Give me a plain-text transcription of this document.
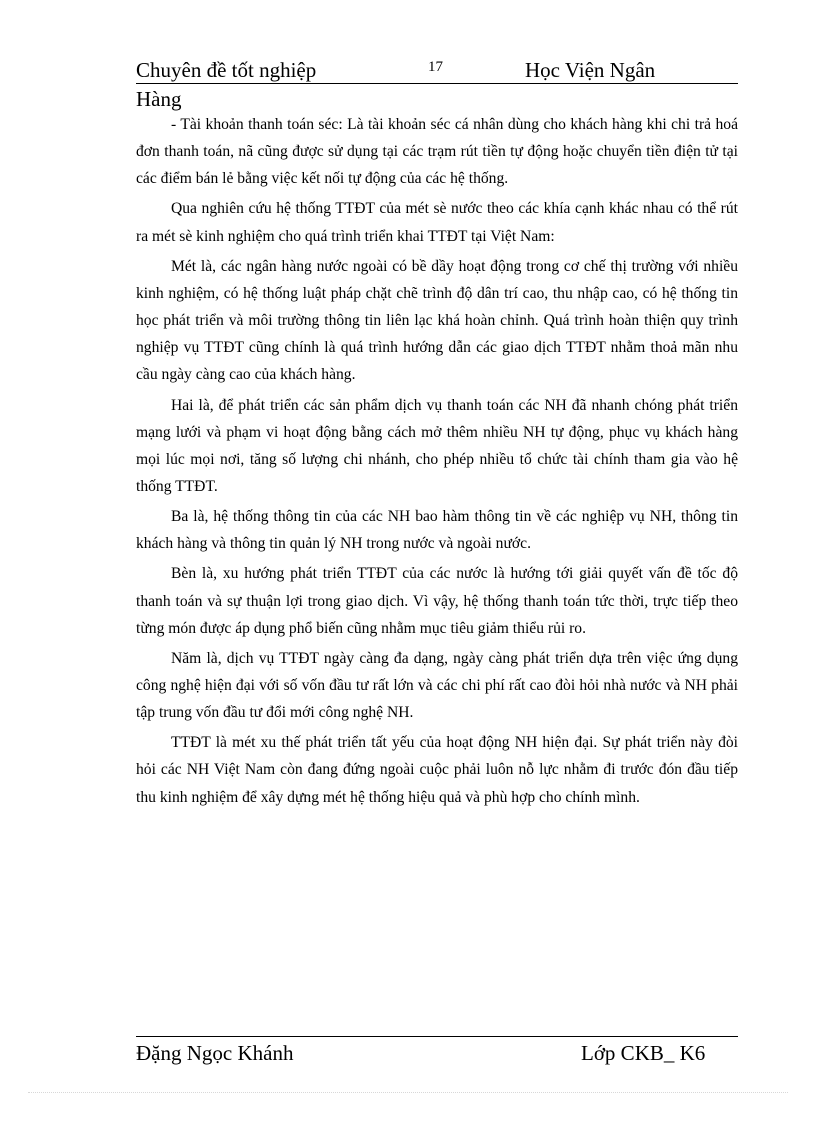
Chuyên đề tốt nghiệp	17	Học Viện Ngân
Hàng

- Tài khoản thanh toán séc: Là tài khoản séc cá nhân dùng cho khách hàng khi chi trả hoá đơn thanh toán, nã cũng được sử dụng tại các trạm rút tiền tự động hoặc chuyển tiền điện tử tại các điểm bán lẻ bằng việc kết nối tự động của các hệ thống.

Qua nghiên cứu hệ thống TTĐT của mét sè nước theo các khía cạnh khác nhau có thể rút ra mét sè kinh nghiệm cho quá trình triển khai TTĐT tại Việt Nam:

Mét là, các ngân hàng nước ngoài có bề dầy hoạt động trong cơ chế thị trường với nhiều kinh nghiệm, có hệ thống luật pháp chặt chẽ trình độ dân trí cao, thu nhập cao, có hệ thống tin học phát triển và môi trường thông tin liên lạc khá hoàn chỉnh. Quá trình hoàn thiện quy trình nghiệp vụ TTĐT cũng chính là quá trình hướng dẫn các giao dịch TTĐT nhằm thoả mãn nhu cầu ngày càng cao của khách hàng.

Hai là, để phát triển các sản phẩm dịch vụ thanh toán các NH đã nhanh chóng phát triển mạng lưới và phạm vi hoạt động bằng cách mở thêm nhiều NH tự động, phục vụ khách hàng mọi lúc mọi nơi, tăng số lượng chi nhánh, cho phép nhiều tổ chức tài chính tham gia vào hệ thống TTĐT.

Ba là, hệ thống thông tin của các NH bao hàm thông tin về các nghiệp vụ NH, thông tin khách hàng và thông tin quản lý NH trong nước và ngoài nước.

Bèn là, xu hướng phát triển TTĐT của các nước là hướng tới giải quyết vấn đề tốc độ thanh toán và sự thuận lợi trong giao dịch. Vì vậy, hệ thống thanh toán tức thời, trực tiếp theo từng món được áp dụng phổ biến cũng nhằm mục tiêu giảm thiểu rủi ro.

Năm là, dịch vụ TTĐT ngày càng đa dạng, ngày càng phát triển dựa trên việc ứng dụng công nghệ hiện đại với số vốn đầu tư rất lớn và các chi phí rất cao đòi hỏi nhà nước và NH phải tập trung vốn đầu tư đổi mới công nghệ NH.

TTĐT là mét xu thế phát triển tất yếu của hoạt động NH hiện đại. Sự phát triển này đòi hỏi các NH Việt Nam còn đang đứng ngoài cuộc phải luôn nỗ lực nhằm đi trước đón đầu tiếp thu kinh nghiệm để xây dựng mét hệ thống hiệu quả và phù hợp cho chính mình.

Đặng Ngọc Khánh	Lớp CKB_ K6
